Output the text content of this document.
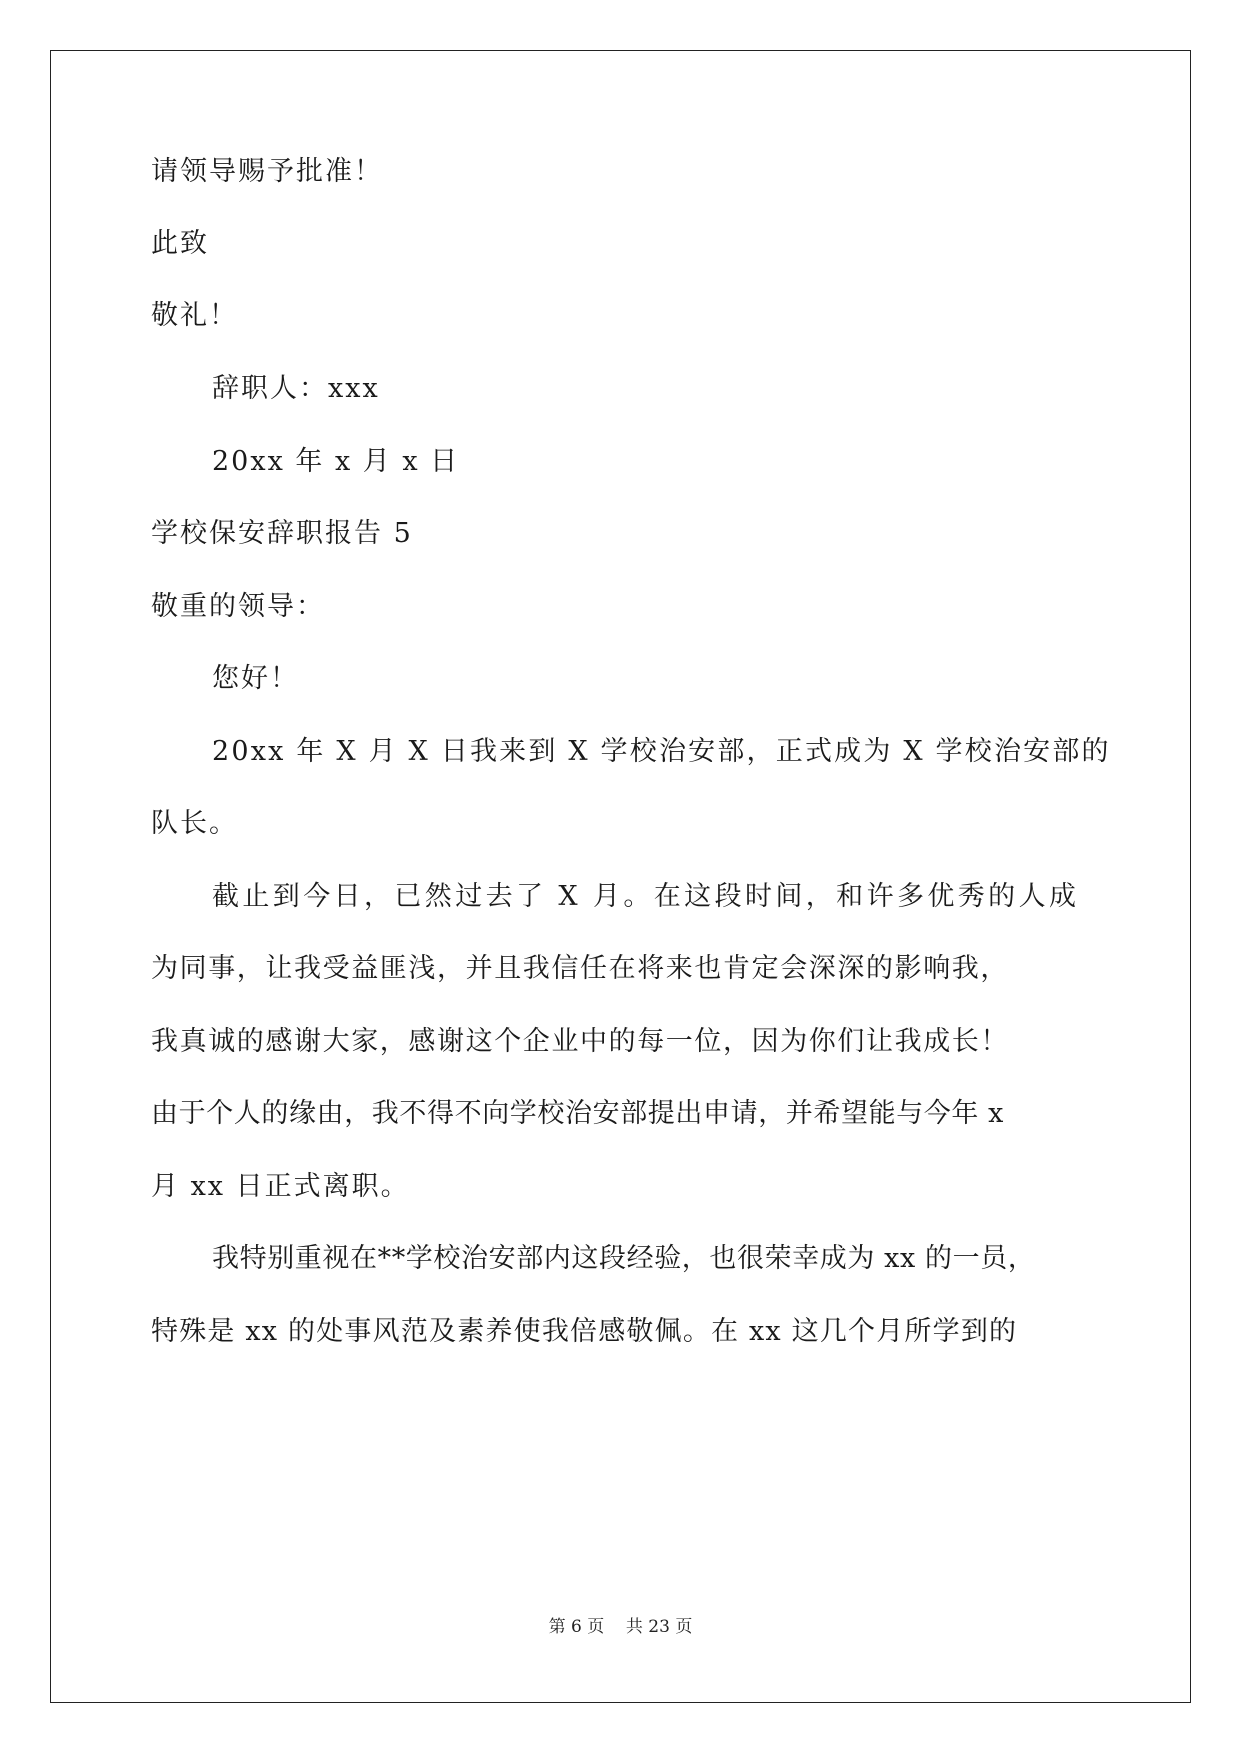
请领导赐予批准！
此致
敬礼！
辞职人：xxx
20xx 年 x 月 x 日
学校保安辞职报告 5
敬重的领导：
您好！
20xx 年 X 月 X 日我来到 X 学校治安部，正式成为 X 学校治安部的
队长。
截止到今日，已然过去了 X 月。在这段时间，和许多优秀的人成
为同事，让我受益匪浅，并且我信任在将来也肯定会深深的影响我，
我真诚的感谢大家，感谢这个企业中的每一位，因为你们让我成长！
由于个人的缘由，我不得不向学校治安部提出申请，并希望能与今年 x
月 xx 日正式离职。
我特别重视在**学校治安部内这段经验，也很荣幸成为 xx 的一员，
特殊是 xx 的处事风范及素养使我倍感敬佩。在 xx 这几个月所学到的
第 6 页    共 23 页
